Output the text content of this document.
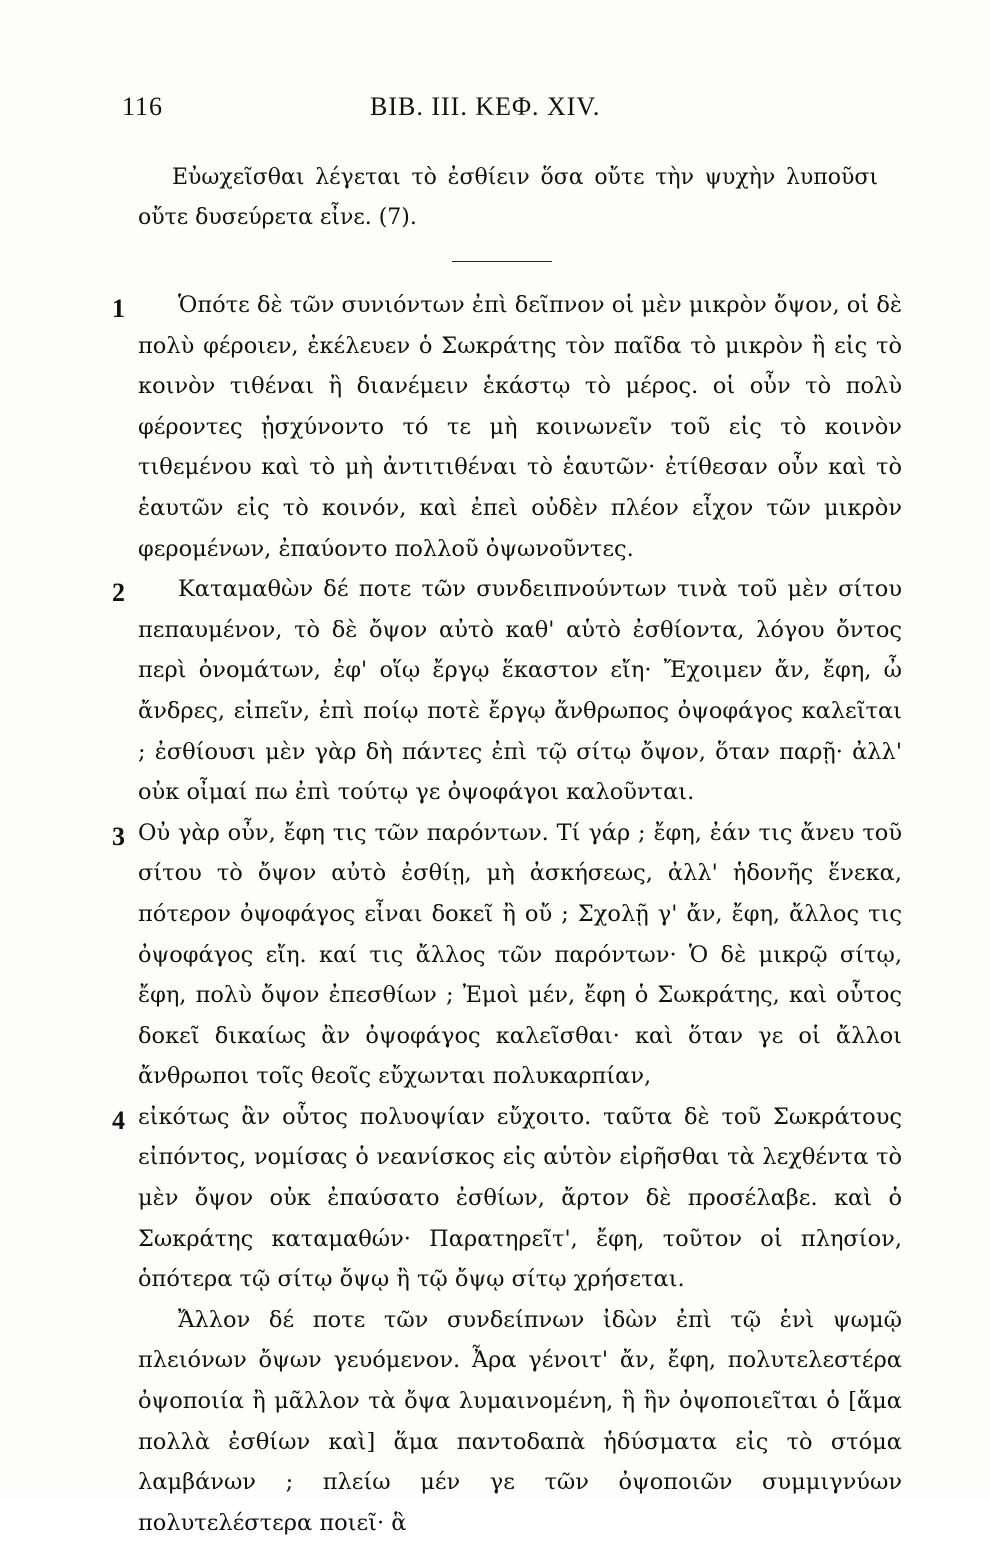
116	BIB. III. ΚΕΦ. XIV.
Εὐωχεῖσθαι λέγεται τὸ ἐσθίειν ὅσα οὔτε τὴν ψυχὴν λυποῦσι οὔτε δυσεύρετα εἶνε. (7).

1 Ὁπότε δὲ τῶν συνιόντων ἐπὶ δεῖπνον οἱ μὲν μικρὸν ὄψον, οἱ δὲ πολὺ φέροιεν, ἐκέλευεν ὁ Σωκράτης τὸν παῖδα τὸ μικρὸν ἢ εἰς τὸ κοινὸν τιθέναι ἢ διανέμειν ἑκάστῳ τὸ μέρος. οἱ οὖν τὸ πολὺ φέροντες ᾐσχύνοντο τό τε μὴ κοινωνεῖν τοῦ εἰς τὸ κοινὸν τιθεμένου καὶ τὸ μὴ ἀντιτιθέναι τὸ ἑαυτῶν· ἐτίθεσαν οὖν καὶ τὸ ἑαυτῶν εἰς τὸ κοινόν, καὶ ἐπεὶ οὐδὲν πλέον εἶχον τῶν μικρὸν φερομένων, ἐπαύοντο πολλοῦ ὀψωνοῦντες.

2 Καταμαθὼν δέ ποτε τῶν συνδειπνούντων τινὰ τοῦ μὲν σίτου πεπαυμένον, τὸ δὲ ὄψον αὐτὸ καθ' αὑτὸ ἐσθίοντα, λόγου ὄντος περὶ ὀνομάτων, ἐφ' οἵῳ ἔργῳ ἕκαστον εἴη· Ἔχοιμεν ἄν, ἔφη, ὦ ἄνδρες, εἰπεῖν, ἐπὶ ποίῳ ποτὲ ἔργῳ ἄνθρωπος ὀψοφάγος καλεῖται ; ἐσθίουσι μὲν γὰρ δὴ πάντες ἐπὶ τῷ σίτῳ ὄψον, ὅταν παρῇ· ἀλλ' οὐκ οἶμαί πω ἐπὶ τούτῳ γε ὀψοφάγοι καλοῦνται.

3 Οὐ γὰρ οὖν, ἔφη τις τῶν παρόντων. Τί γάρ ; ἔφη, ἐάν τις ἄνευ τοῦ σίτου τὸ ὄψον αὐτὸ ἐσθίῃ, μὴ ἀσκήσεως, ἀλλ' ἡδονῆς ἕνεκα, πότερον ὀψοφάγος εἶναι δοκεῖ ἢ οὔ ; Σχολῇ γ' ἄν, ἔφη, ἄλλος τις ὀψοφάγος εἴη. καί τις ἄλλος τῶν παρόντων· Ὁ δὲ μικρῷ σίτῳ, ἔφη, πολὺ ὄψον ἐπεσθίων ; Ἐμοὶ μέν, ἔφη ὁ Σωκράτης, καὶ οὗτος δοκεῖ δικαίως ἂν ὀψοφάγος καλεῖσθαι· καὶ ὅταν γε οἱ ἄλλοι ἄνθρωποι τοῖς θεοῖς εὔχωνται πολυκαρπίαν,

4 εἰκότως ἂν οὗτος πολυοψίαν εὔχοιτο. ταῦτα δὲ τοῦ Σωκράτους εἰπόντος, νομίσας ὁ νεανίσκος εἰς αὑτὸν εἰρῆσθαι τὰ λεχθέντα τὸ μὲν ὄψον οὐκ ἐπαύσατο ἐσθίων, ἄρτον δὲ προσέλαβε. καὶ ὁ Σωκράτης καταμαθών· Παρατηρεῖτ', ἔφη, τοῦτον οἱ πλησίον, ὁπότερα τῷ σίτῳ ὄψῳ ἢ τῷ ὄψῳ σίτῳ χρήσεται.

Ἄλλον δέ ποτε τῶν συνδείπνων ἰδὼν ἐπὶ τῷ ἑνὶ ψωμῷ πλειόνων ὄψων γευόμενον. Ἆρα γένοιτ' ἄν, ἔφη, πολυτελεστέρα ὀψοποιία ἢ μᾶλλον τὰ ὄψα λυμαινομένη, ἣ ἣν ὀψοποιεῖται ὁ [ἅμα πολλὰ ἐσθίων καὶ] ἅμα παντοδαπὰ ἡδύσματα εἰς τὸ στόμα λαμβάνων ; πλείω μέν γε τῶν ὀψοποιῶν συμμιγνύων πολυτελέστερα ποιεῖ· ἃ
